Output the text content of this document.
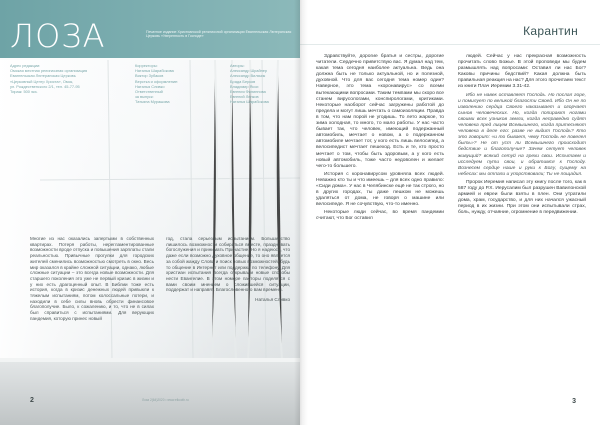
ЛОЗА	Печатное издание Христианской религиозной организации Евангельская Лютеранская Церковь «Уверенность в Господе»
Адрес редакции:
Омская местная религиозная организация
Евангельская Лютеранская Церковь
«Церковный Центр Христа», Омск,
ул. Рождественского 2/1, тел. 45-77-95
Тираж: 500 экз.
Корректоры:
Наталья Шарабокова
Виктор Зубаков
Верстка и оформление:
Наталья Сливко
Ответственный
за выпуск:
Татьяна Мурашова
Авторы:
Александр Шрайнер
Александр Вильчик
Брада Берков
Владимир Ясси
Евгения Филиппова
Евгений Ленков
Наталья Шарабокова

Многие из нас оказались запертыми в собственных квартирах. Потеря работы, нерегламентированные возможности вроде отпуска и повышения зарплаты стали реальностью. Привычные прогулки для городских жителей сменились возможностью смотреть в окно. Весь мир оказался в крайне сложной ситуации, однако, любые сложные ситуации – это всегда новые возможности. Для старшего поколения это уже не первый кризис в жизни и у них есть драгоценный опыт. В Библии тоже есть история, когда в кризис денежных людей привыкли к тяжелым испытаниям, потом колоссальные потери, и находили в себе силы вновь обрести финансовое благополучие. Было, к сожалению, и то, что не в силах был справиться с испытаниями. Для верующих пандемия, которую принес новый

год, стала серьезным испытанием. Большинство лишилось возможности собираться вместе, праздновать богослужения и принимать Причастие. Но я надеюсь, что даже если возможно духовное общение, то оно является за собой жажду Слова и поиск новых возможностей, будь то общение в Интернет или поддержка по телефону. Для христиан испытания всегда открывали новые способы нести Евангелие. В этом номере пасторы поделятся с вами своим мнением о сложившейся ситуации, поддержат и направят. Благословенного вам времени.

Наталья Сливко

2	Лоза 2(64)2020 • www.elkocth.ru
Карантин

Здравствуйте, дорогие братья и сестры, дорогие читатели. Сердечно приветствую вас. Я думал над тем, какая тема сегодня наиболее актуальна. Ведь она должна быть не только актуальной, но и полезной, духовной. Что для вас сегодня тема номер один? Наверное, это тема «коронавирус» со всеми вытекающими вопросами. Таким темпами мы скоро все станем вирусологами, конспирологами, критиками. Некоторые наоборот сейчас загружены работой до предела и могут лишь мечтать о самоизоляции. Правда в том, что нам порой не угодишь. То лето жаркое, то зима холодная, то много, то мало работы. У нас часто бывает так, что человек, имеющий подержанный автомобиль, мечтает о новом, а о подержанном автомобиле мечтает тот, у кого есть лишь велосипед, а велосипедист мечтает пешеход. Есть и те, кто просто мечтает о том, чтобы быть здоровым, а у кого есть новый автомобиль, тоже часто недоволен и желает чего-то большего.

История с коронавирусом уровняла всех людей. Неважно кто ты и что имеешь – для всех одно правило: «Сиди дома». У нас в Челябинске ещё не так строго, но в других городах, ты даже пешком не можешь удаляться от дома, не говоря о машине или велосипеде. Я не сочувствую, что-то именно.

Некоторые люди сейчас, во время пандемии считают, что Бог оставил

людей. Сейчас у нас прекрасная возможность прочитать слово Божье. В этой проповеди мы будем размышлять над вопросами: Оставил ли нас Бог? Каковы причины бедствий? Какая должна быть правильная реакция на нас? Для этого прочитаем текст из книги Плач Иеремии 3.31-42.

Ибо не навек оставляет Господь. Но послал горе, и помилует по великой благости Своей. Ибо Он не по изволению сердца Своего наказывает и огорчает сынов человеческих. Но, когда попирают ногами своими всех узников земли, когда неправедно судят человека пред лицем Всевышнего, когда притесняют человека в деле его: разве не видит Господь? Кто это говорит: «и то бывает, чему Господь не повелел быть»? Не от уст ли Всевышнего происходит бедствие и благополучие? Зачем сетует человек живущий? всякий сетуй на грехи свои. Испытаем и исследуем пути свои, и обратимся к Господу. Вознесем сердце наше и руки к Богу, сущему на небесах: мы отпали и упорствовали; Ты не пощадил.

Пророк Иеремия написал эту книгу после того, как в 587 году до Р.Х. Иерусалим был разрушен Вавилонской армией и евреи были взяты в плен. Они утратили дома, храм, государство, и для них начался ужасный период в их жизни. При этом они испытывали страх, боль, нужду, отчаяние, огромнение в передвижении.

3
